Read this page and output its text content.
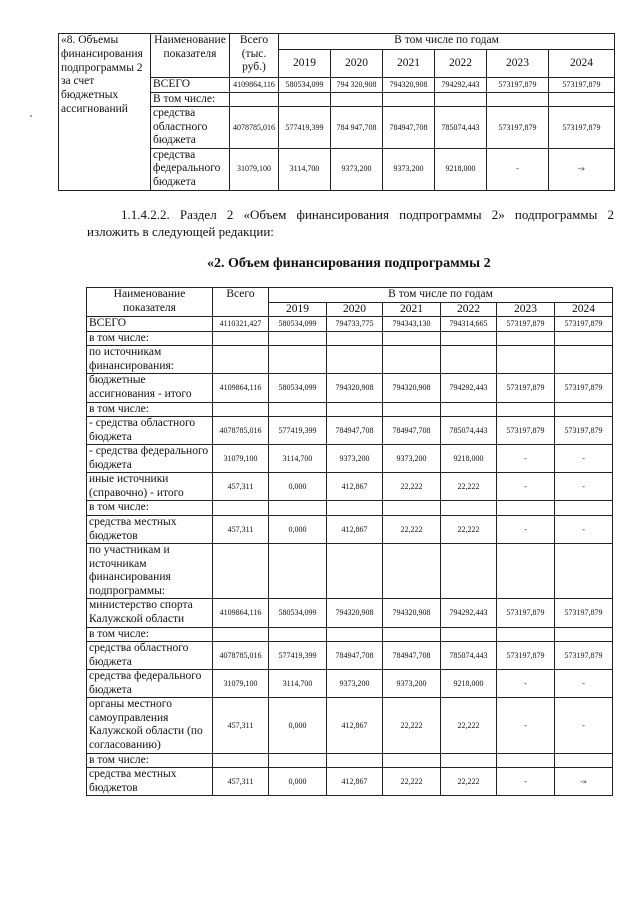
«8. Объемы финансирования подпрограммы 2 за счет бюджетных ассигнований	Наименование показателя	Всего (тыс. руб.)	В том числе по годам					
			2019	2020	2021	2022	2023	2024
	ВСЕГО	4109864,116	580534,099	794 320,908	794320,908	794292,443	573197,879	573197,879
	В том числе:							
	средства областного бюджета	4078785,016	577419,399	784 947,708	784947,708	785074,443	573197,879	573197,879
	средства федерального бюджета	31079,100	3114,700	9373,200	9373,200	9218,000	-	-»

1.1.4.2.2. Раздел 2 «Объем финансирования подпрограммы 2» подпрограммы 2 изложить в следующей редакции:

«2. Объем финансирования подпрограммы 2
Наименование показателя	Всего	В том числе по годам					
		2019	2020	2021	2022	2023	2024
ВСЕГО	4110321,427	580534,099	794733,775	794343,130	794314,665	573197,879	573197,879
в том числе:							
по источникам финансирования:							
бюджетные ассигнования - итого	4109864,116	580534,099	794320,908	794320,908	794292,443	573197,879	573197,879
в том числе:							
- средства областного бюджета	4078785,016	577419,399	784947,708	784947,708	785074,443	573197,879	573197,879
- средства федерального бюджета	31079,100	3114,700	9373,200	9373,200	9218,000	-	-
иные источники (справочно) - итого	457,311	0,000	412,867	22,222	22,222	-	-
в том числе:							
средства местных бюджетов	457,311	0,000	412,867	22,222	22,222	-	-
по участникам и источникам финансирования подпрограммы:							
министерство спорта Калужской области	4109864,116	580534,099	794320,908	794320,908	794292,443	573197,879	573197,879
в том числе:							
средства областного бюджета	4078785,016	577419,399	784947,708	784947,708	785074,443	573197,879	573197,879
средства федерального бюджета	31079,100	3114,700	9373,200	9373,200	9218,000	-	-
органы местного самоуправления Калужской области (по согласованию)	457,311	0,000	412,867	22,222	22,222	-	-
в том числе:							
средства местных бюджетов	457,311	0,000	412,867	22,222	22,222	-	-»
